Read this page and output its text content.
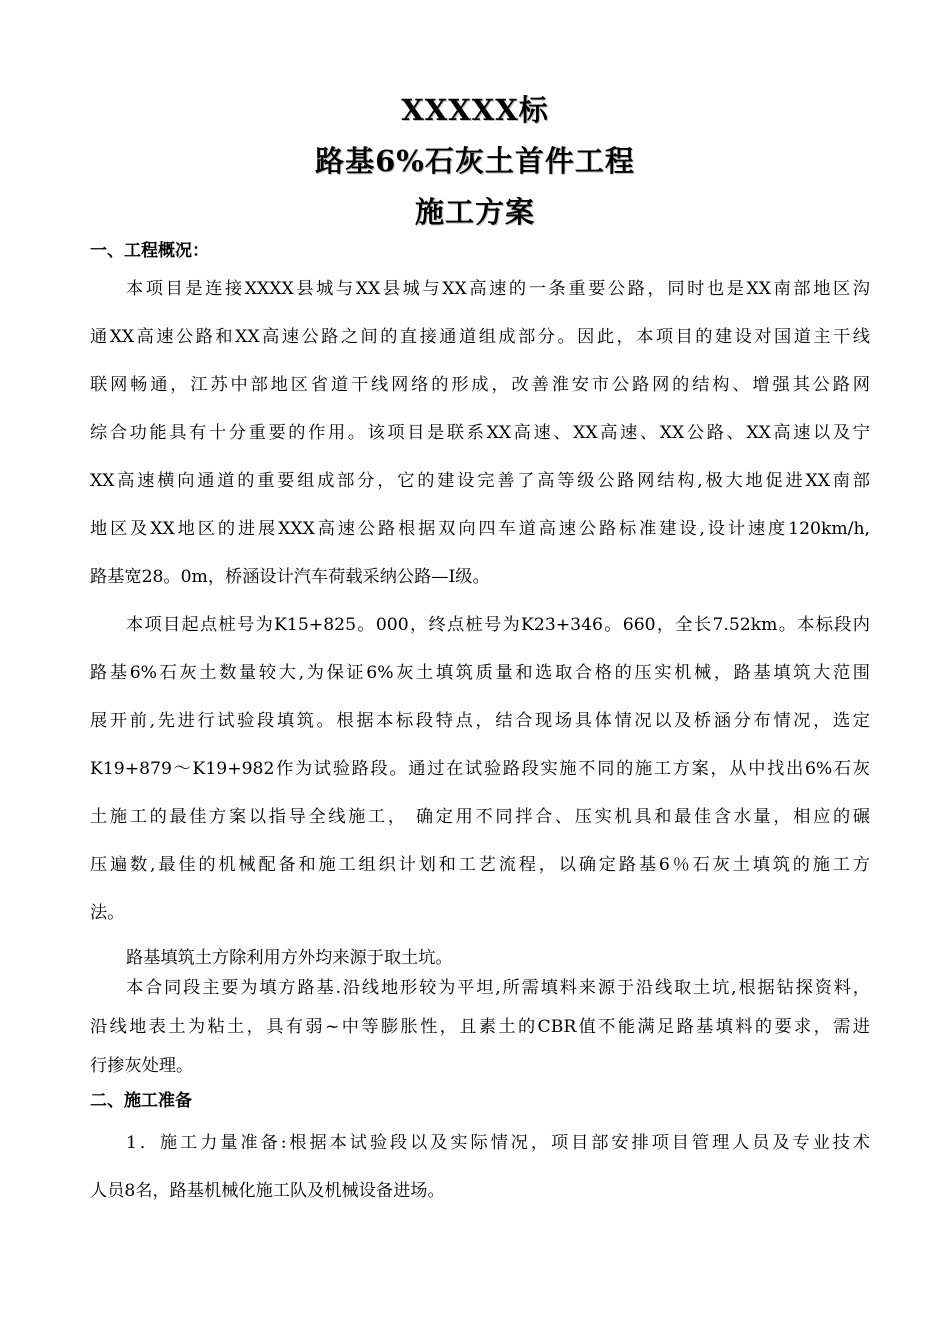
XXXXX标
路基6%石灰土首件工程
施工方案
一、工程概况：
本项目是连接XXXX县城与XX县城与XX高速的一条重要公路，同时也是XX南部地区沟
通XX高速公路和XX高速公路之间的直接通道组成部分。因此，本项目的建设对国道主干线
联网畅通，江苏中部地区省道干线网络的形成，改善淮安市公路网的结构、增强其公路网
综合功能具有十分重要的作用。该项目是联系XX高速、XX高速、XX公路、XX高速以及宁
XX高速横向通道的重要组成部分，它的建设完善了高等级公路网结构,极大地促进XX南部
地区及XX地区的进展XXX高速公路根据双向四车道高速公路标准建设,设计速度120km/h,
路基宽28。0m，桥涵设计汽车荷载采纳公路—Ⅰ级。
本项目起点桩号为K15+825。000，终点桩号为K23+346。660，全长7.52km。本标段内
路基6%石灰土数量较大,为保证6%灰土填筑质量和选取合格的压实机械，路基填筑大范围
展开前,先进行试验段填筑。根据本标段特点，结合现场具体情况以及桥涵分布情况，选定
K19+879～K19+982作为试验路段。通过在试验路段实施不同的施工方案，从中找出6%石灰
土施工的最佳方案以指导全线施工， 确定用不同拌合、压实机具和最佳含水量，相应的碾
压遍数,最佳的机械配备和施工组织计划和工艺流程，以确定路基6％石灰土填筑的施工方
法。
路基填筑土方除利用方外均来源于取土坑。
本合同段主要为填方路基.沿线地形较为平坦,所需填料来源于沿线取土坑,根据钻探资料，
沿线地表土为粘土，具有弱~中等膨胀性，且素土的CBR值不能满足路基填料的要求，需进
行掺灰处理。
二、施工准备
1．施工力量准备:根据本试验段以及实际情况，项目部安排项目管理人员及专业技术
人员8名，路基机械化施工队及机械设备进场。
